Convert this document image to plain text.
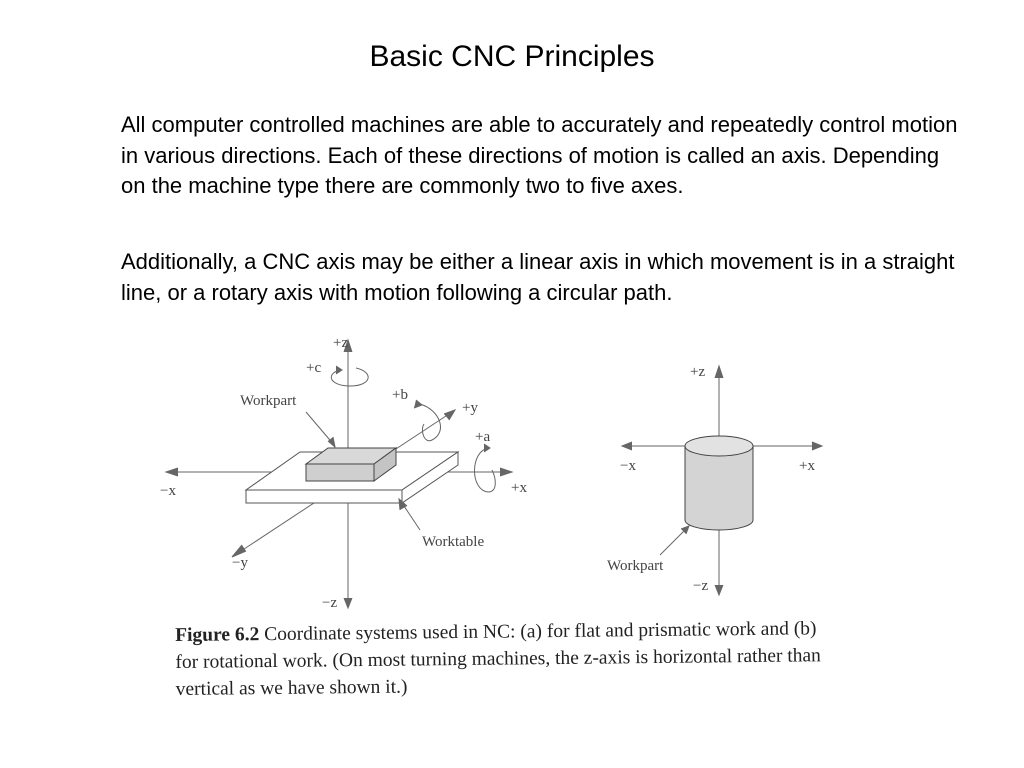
Basic CNC Principles

All computer controlled machines are able to accurately and repeatedly control motion in various directions. Each of these directions of motion is called an axis. Depending on the machine type there are commonly two to five axes.

Additionally, a CNC axis may be either a linear axis in which movement is in a straight line, or a rotary axis with motion following a circular path.

+z
+c
Workpart	+b
+y
+a
+x
−x
Worktable
−y
−z
+z
−x	+x
Workpart
−z

Figure 6.2 Coordinate systems used in NC: (a) for flat and prismatic work and (b) for rotational work. (On most turning machines, the z-axis is horizontal rather than vertical as we have shown it.)
